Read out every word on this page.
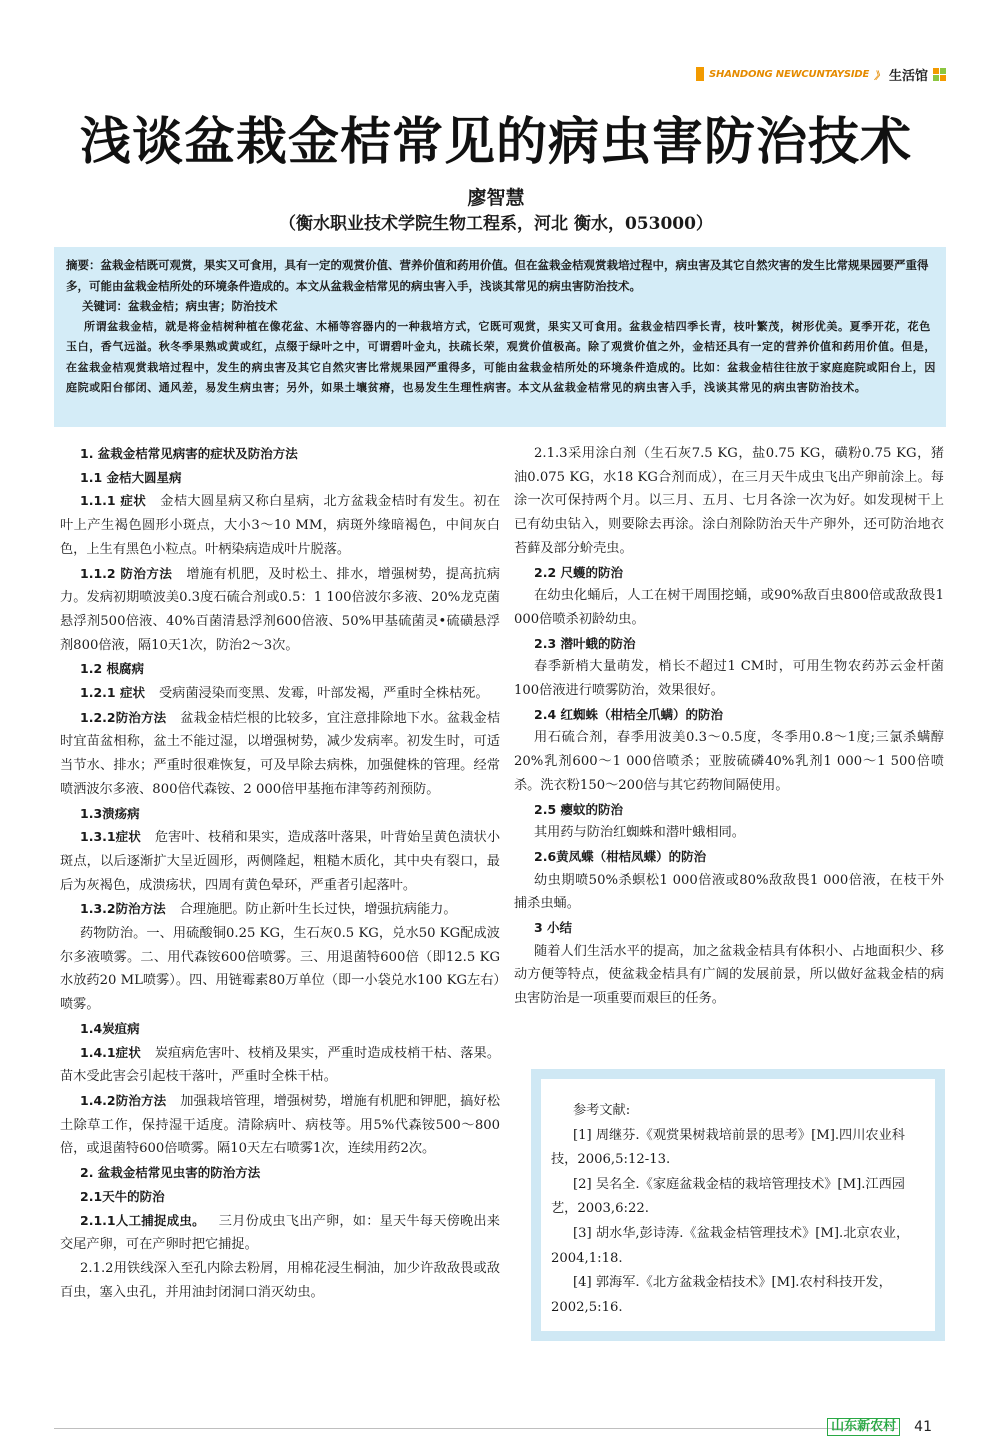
SHANDONG NEWCUNTAYSIDE 》 生活馆
浅谈盆栽金桔常见的病虫害防治技术
廖智慧
（衡水职业技术学院生物工程系，河北 衡水，053000）

摘要：盆栽金桔既可观赏，果实又可食用，具有一定的观赏价值、营养价值和药用价值。但在盆栽金桔观赏栽培过程中，病虫害及其它自然灾害的发生比常规果园要严重得多，可能由盆栽金桔所处的环境条件造成的。本文从盆栽金桔常见的病虫害入手，浅谈其常见的病虫害防治技术。

关键词：盆栽金桔；病虫害；防治技术

所谓盆栽金桔，就是将金桔树种植在像花盆、木桶等容器内的一种栽培方式，它既可观赏，果实又可食用。盆栽金桔四季长青，枝叶繁茂，树形优美。夏季开花，花色玉白，香气远溢。秋冬季果熟或黄或红，点缀于绿叶之中，可谓碧叶金丸，扶疏长荣，观赏价值极高。除了观赏价值之外，金桔还具有一定的营养价值和药用价值。但是，在盆栽金桔观赏栽培过程中，发生的病虫害及其它自然灾害比常规果园严重得多，可能由盆栽金桔所处的环境条件造成的。比如：盆栽金桔往往放于家庭庭院或阳台上，因庭院或阳台郁闭、通风差，易发生病虫害；另外，如果土壤贫瘠，也易发生生理性病害。本文从盆栽金桔常见的病虫害入手，浅谈其常见的病虫害防治技术。

1. 盆栽金桔常见病害的症状及防治方法

1.1 金桔大圆星病

1.1.1 症状 金桔大圆星病又称白星病，北方盆栽金桔时有发生。初在叶上产生褐色圆形小斑点，大小3～10 MM，病斑外缘暗褐色，中间灰白色，上生有黑色小粒点。叶柄染病造成叶片脱落。

1.1.2 防治方法 增施有机肥，及时松土、排水，增强树势，提高抗病力。发病初期喷波美0.3度石硫合剂或0.5：1 100倍波尔多液、20%龙克菌悬浮剂500倍液、40%百菌清悬浮剂600倍液、50%甲基硫菌灵•硫磺悬浮剂800倍液，隔10天1次，防治2～3次。

1.2 根腐病

1.2.1 症状 受病菌浸染而变黑、发霉，叶部发褐，严重时全株枯死。

1.2.2防治方法 盆栽金桔烂根的比较多，宜注意排除地下水。盆栽金桔时宜苗盆相称，盆土不能过湿，以增强树势，减少发病率。初发生时，可适当节水、排水；严重时很难恢复，可及早除去病株，加强健株的管理。经常喷洒波尔多液、800倍代森铵、2 000倍甲基拖布津等药剂预防。

1.3溃疡病

1.3.1症状 危害叶、枝稍和果实，造成落叶落果，叶背始呈黄色渍状小斑点，以后逐渐扩大呈近圆形，两侧隆起，粗糙木质化，其中央有裂口，最后为灰褐色，成溃疡状，四周有黄色晕环，严重者引起落叶。

1.3.2防治方法 合理施肥。防止新叶生长过快，增强抗病能力。

药物防治。一、用硫酸铜0.25 KG，生石灰0.5 KG，兑水50 KG配成波尔多液喷雾。二、用代森铵600倍喷雾。三、用退菌特600倍（即12.5 KG水放药20 ML喷雾）。四、用链霉素80万单位（即一小袋兑水100 KG左右）喷雾。

1.4炭疽病

1.4.1症状 炭疽病危害叶、枝梢及果实，严重时造成枝梢干枯、落果。苗木受此害会引起枝干落叶，严重时全株干枯。

1.4.2防治方法 加强栽培管理，增强树势，增施有机肥和钾肥，搞好松土除草工作，保持湿干适度。清除病叶、病枝等。用5%代森铵500～800倍，或退菌特600倍喷雾。隔10天左右喷雾1次，连续用药2次。

2. 盆栽金桔常见虫害的防治方法

2.1天牛的防治

2.1.1人工捕捉成虫。 三月份成虫飞出产卵，如：星天牛每天傍晚出来交尾产卵，可在产卵时把它捕捉。

2.1.2用铁线深入至孔内除去粉屑，用棉花浸生桐油，加少许敌敌畏或敌百虫，塞入虫孔，并用油封闭洞口消灭幼虫。

2.1.3采用涂白剂（生石灰7.5 KG，盐0.75 KG，磺粉0.75 KG，猪油0.075 KG，水18 KG合剂而成），在三月天牛成虫飞出产卵前涂上。每涂一次可保持两个月。以三月、五月、七月各涂一次为好。如发现树干上已有幼虫钻入，则要除去再涂。涂白剂除防治天牛产卵外，还可防治地衣苔藓及部分蚧壳虫。

2.2 尺蠖的防治

在幼虫化蛹后，人工在树干周围挖蛹，或90%敌百虫800倍或敌敌畏1 000倍喷杀初龄幼虫。

2.3 潜叶蛾的防治

春季新梢大量萌发，梢长不超过1 CM时，可用生物农药苏云金杆菌100倍液进行喷雾防治，效果很好。

2.4 红蜘蛛（柑桔全爪螨）的防治

用石硫合剂，春季用波美0.3～0.5度，冬季用0.8～1度;三氯杀螨醇20%乳剂600～1 000倍喷杀；亚胺硫磷40%乳剂1 000～1 500倍喷杀。洗衣粉150～200倍与其它药物间隔使用。

2.5 瘿蚊的防治

其用药与防治红蜘蛛和潜叶蛾相同。

2.6黄凤蝶（柑桔凤蝶）的防治

幼虫期喷50%杀螟松1 000倍液或80%敌敌畏1 000倍液，在枝干外捕杀虫蛹。

3 小结

随着人们生活水平的提高，加之盆栽金桔具有体积小、占地面积少、移动方便等特点，使盆栽金桔具有广阔的发展前景，所以做好盆栽金桔的病虫害防治是一项重要而艰巨的任务。

参考文献:

[1] 周继芬.《观赏果树栽培前景的思考》[M].四川农业科技，2006,5:12-13.

[2] 吴名全.《家庭盆栽金桔的栽培管理技术》[M].江西园艺，2003,6:22.

[3] 胡水华,彭诗涛.《盆栽金桔管理技术》[M].北京农业，2004,1:18.

[4] 郭海军.《北方盆栽金桔技术》[M].农村科技开发，2002,5:16.

山东新农村 41
